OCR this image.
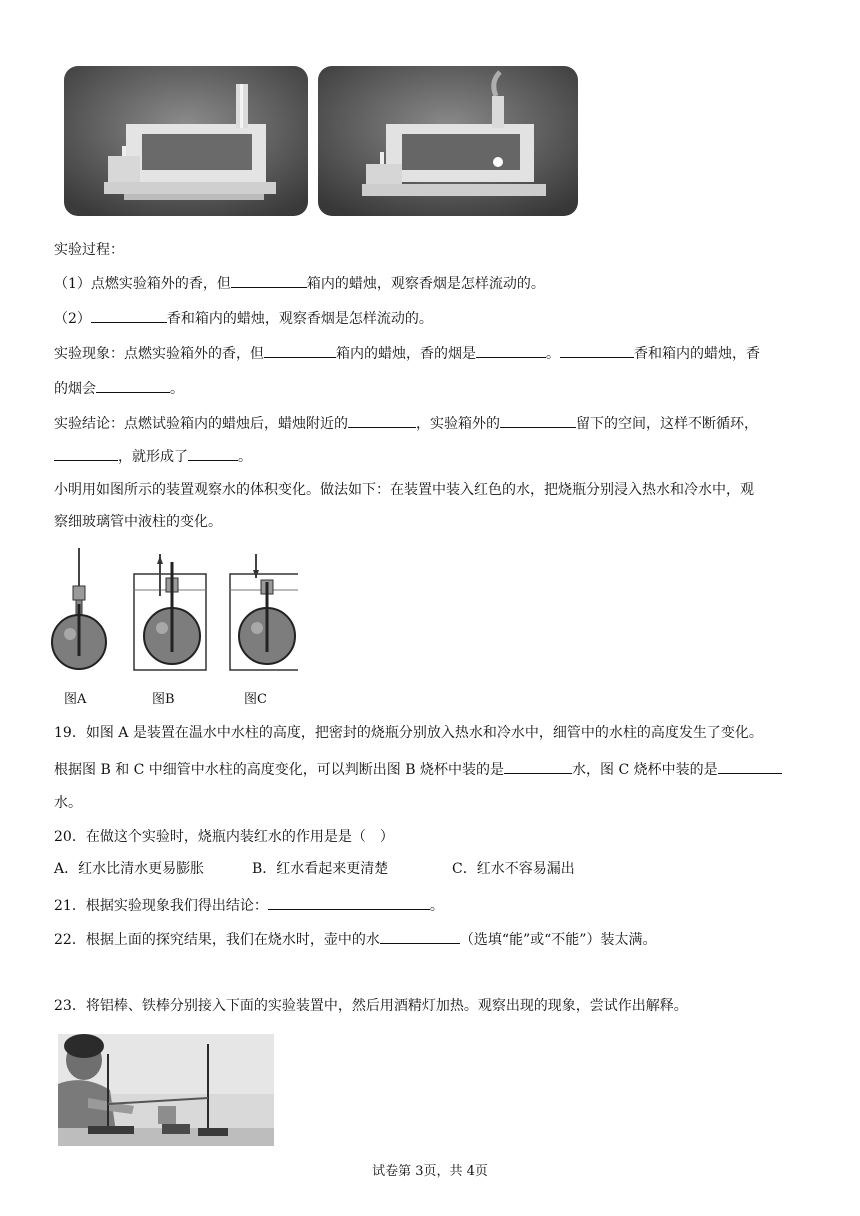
实验过程：
（1）点燃实验箱外的香，但	箱内的蜡烛，观察香烟是怎样流动的。
（2）	香和箱内的蜡烛，观察香烟是怎样流动的。
实验现象：点燃实验箱外的香，但	箱内的蜡烛，香的烟是	。	香和箱内的蜡烛，香
的烟会	。
实验结论：点燃试验箱内的蜡烛后，蜡烛附近的	，实验箱外的	留下的空间，这样不断循环，
，就形成了	。
小明用如图所示的装置观察水的体积变化。做法如下：在装置中装入红色的水，把烧瓶分别浸入热水和冷水中，观
察细玻璃管中液柱的变化。
图A	图B	图C
19．如图 A 是装置在温水中水柱的高度，把密封的烧瓶分别放入热水和冷水中，细管中的水柱的高度发生了变化。
根据图 B 和 C 中细管中水柱的高度变化，可以判断出图 B 烧杯中装的是	水，图 C 烧杯中装的是
水。
20．在做这个实验时，烧瓶内装红水的作用是是（　）
A．红水比清水更易膨胀	B．红水看起来更清楚	C．红水不容易漏出
21．根据实验现象我们得出结论：	。
22．根据上面的探究结果，我们在烧水时，壶中的水	（选填“能”或“不能”）装太满。
23．将铝棒、铁棒分别接入下面的实验装置中，然后用酒精灯加热。观察出现的现象，尝试作出解释。
试卷第 3页，共 4页
